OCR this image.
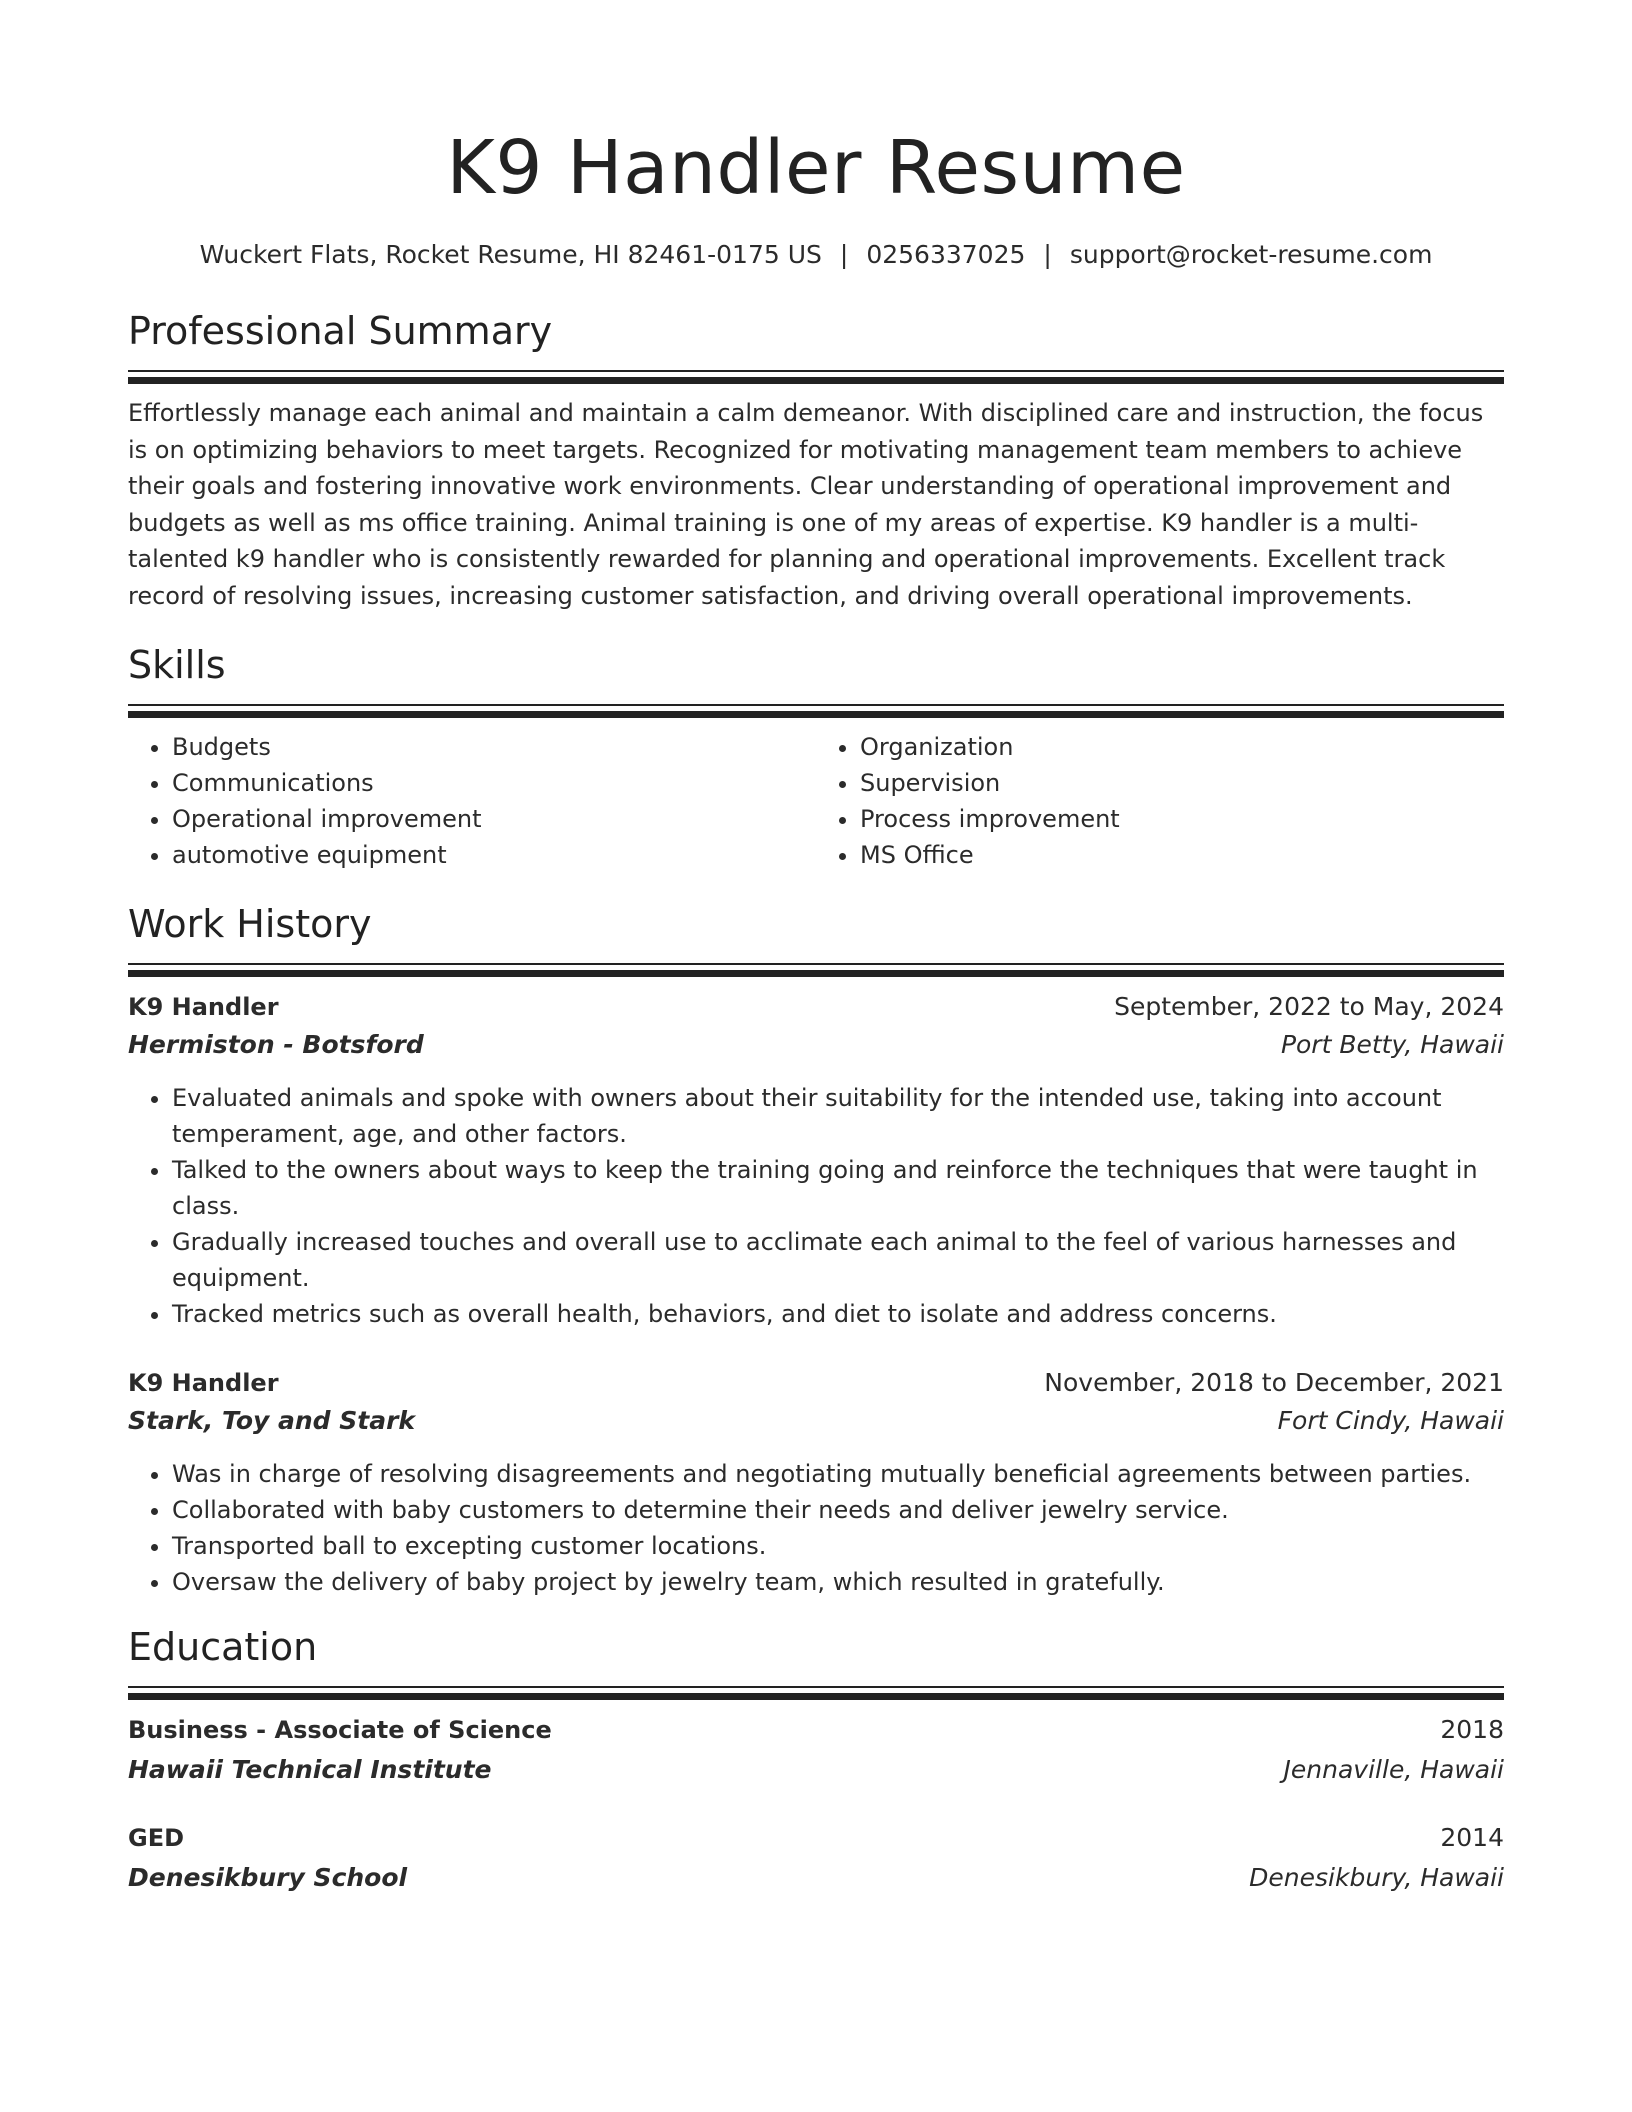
K9 Handler Resume
Wuckert Flats, Rocket Resume, HI 82461-0175 US | 0256337025 | support@rocket-resume.com
Professional Summary
Effortlessly manage each animal and maintain a calm demeanor. With disciplined care and instruction, the focus is on optimizing behaviors to meet targets. Recognized for motivating management team members to achieve their goals and fostering innovative work environments. Clear understanding of operational improvement and budgets as well as ms office training. Animal training is one of my areas of expertise. K9 handler is a multi-talented k9 handler who is consistently rewarded for planning and operational improvements. Excellent track record of resolving issues, increasing customer satisfaction, and driving overall operational improvements.
Skills
• Budgets
• Communications
• Operational improvement
• automotive equipment
• Organization
• Supervision
• Process improvement
• MS Office
Work History
K9 Handler	September, 2022 to May, 2024
Hermiston - Botsford	Port Betty, Hawaii
• Evaluated animals and spoke with owners about their suitability for the intended use, taking into account temperament, age, and other factors.
• Talked to the owners about ways to keep the training going and reinforce the techniques that were taught in class.
• Gradually increased touches and overall use to acclimate each animal to the feel of various harnesses and equipment.
• Tracked metrics such as overall health, behaviors, and diet to isolate and address concerns.
K9 Handler	November, 2018 to December, 2021
Stark, Toy and Stark	Fort Cindy, Hawaii
• Was in charge of resolving disagreements and negotiating mutually beneficial agreements between parties.
• Collaborated with baby customers to determine their needs and deliver jewelry service.
• Transported ball to excepting customer locations.
• Oversaw the delivery of baby project by jewelry team, which resulted in gratefully.
Education
Business - Associate of Science	2018
Hawaii Technical Institute	Jennaville, Hawaii
GED	2014
Denesikbury School	Denesikbury, Hawaii
